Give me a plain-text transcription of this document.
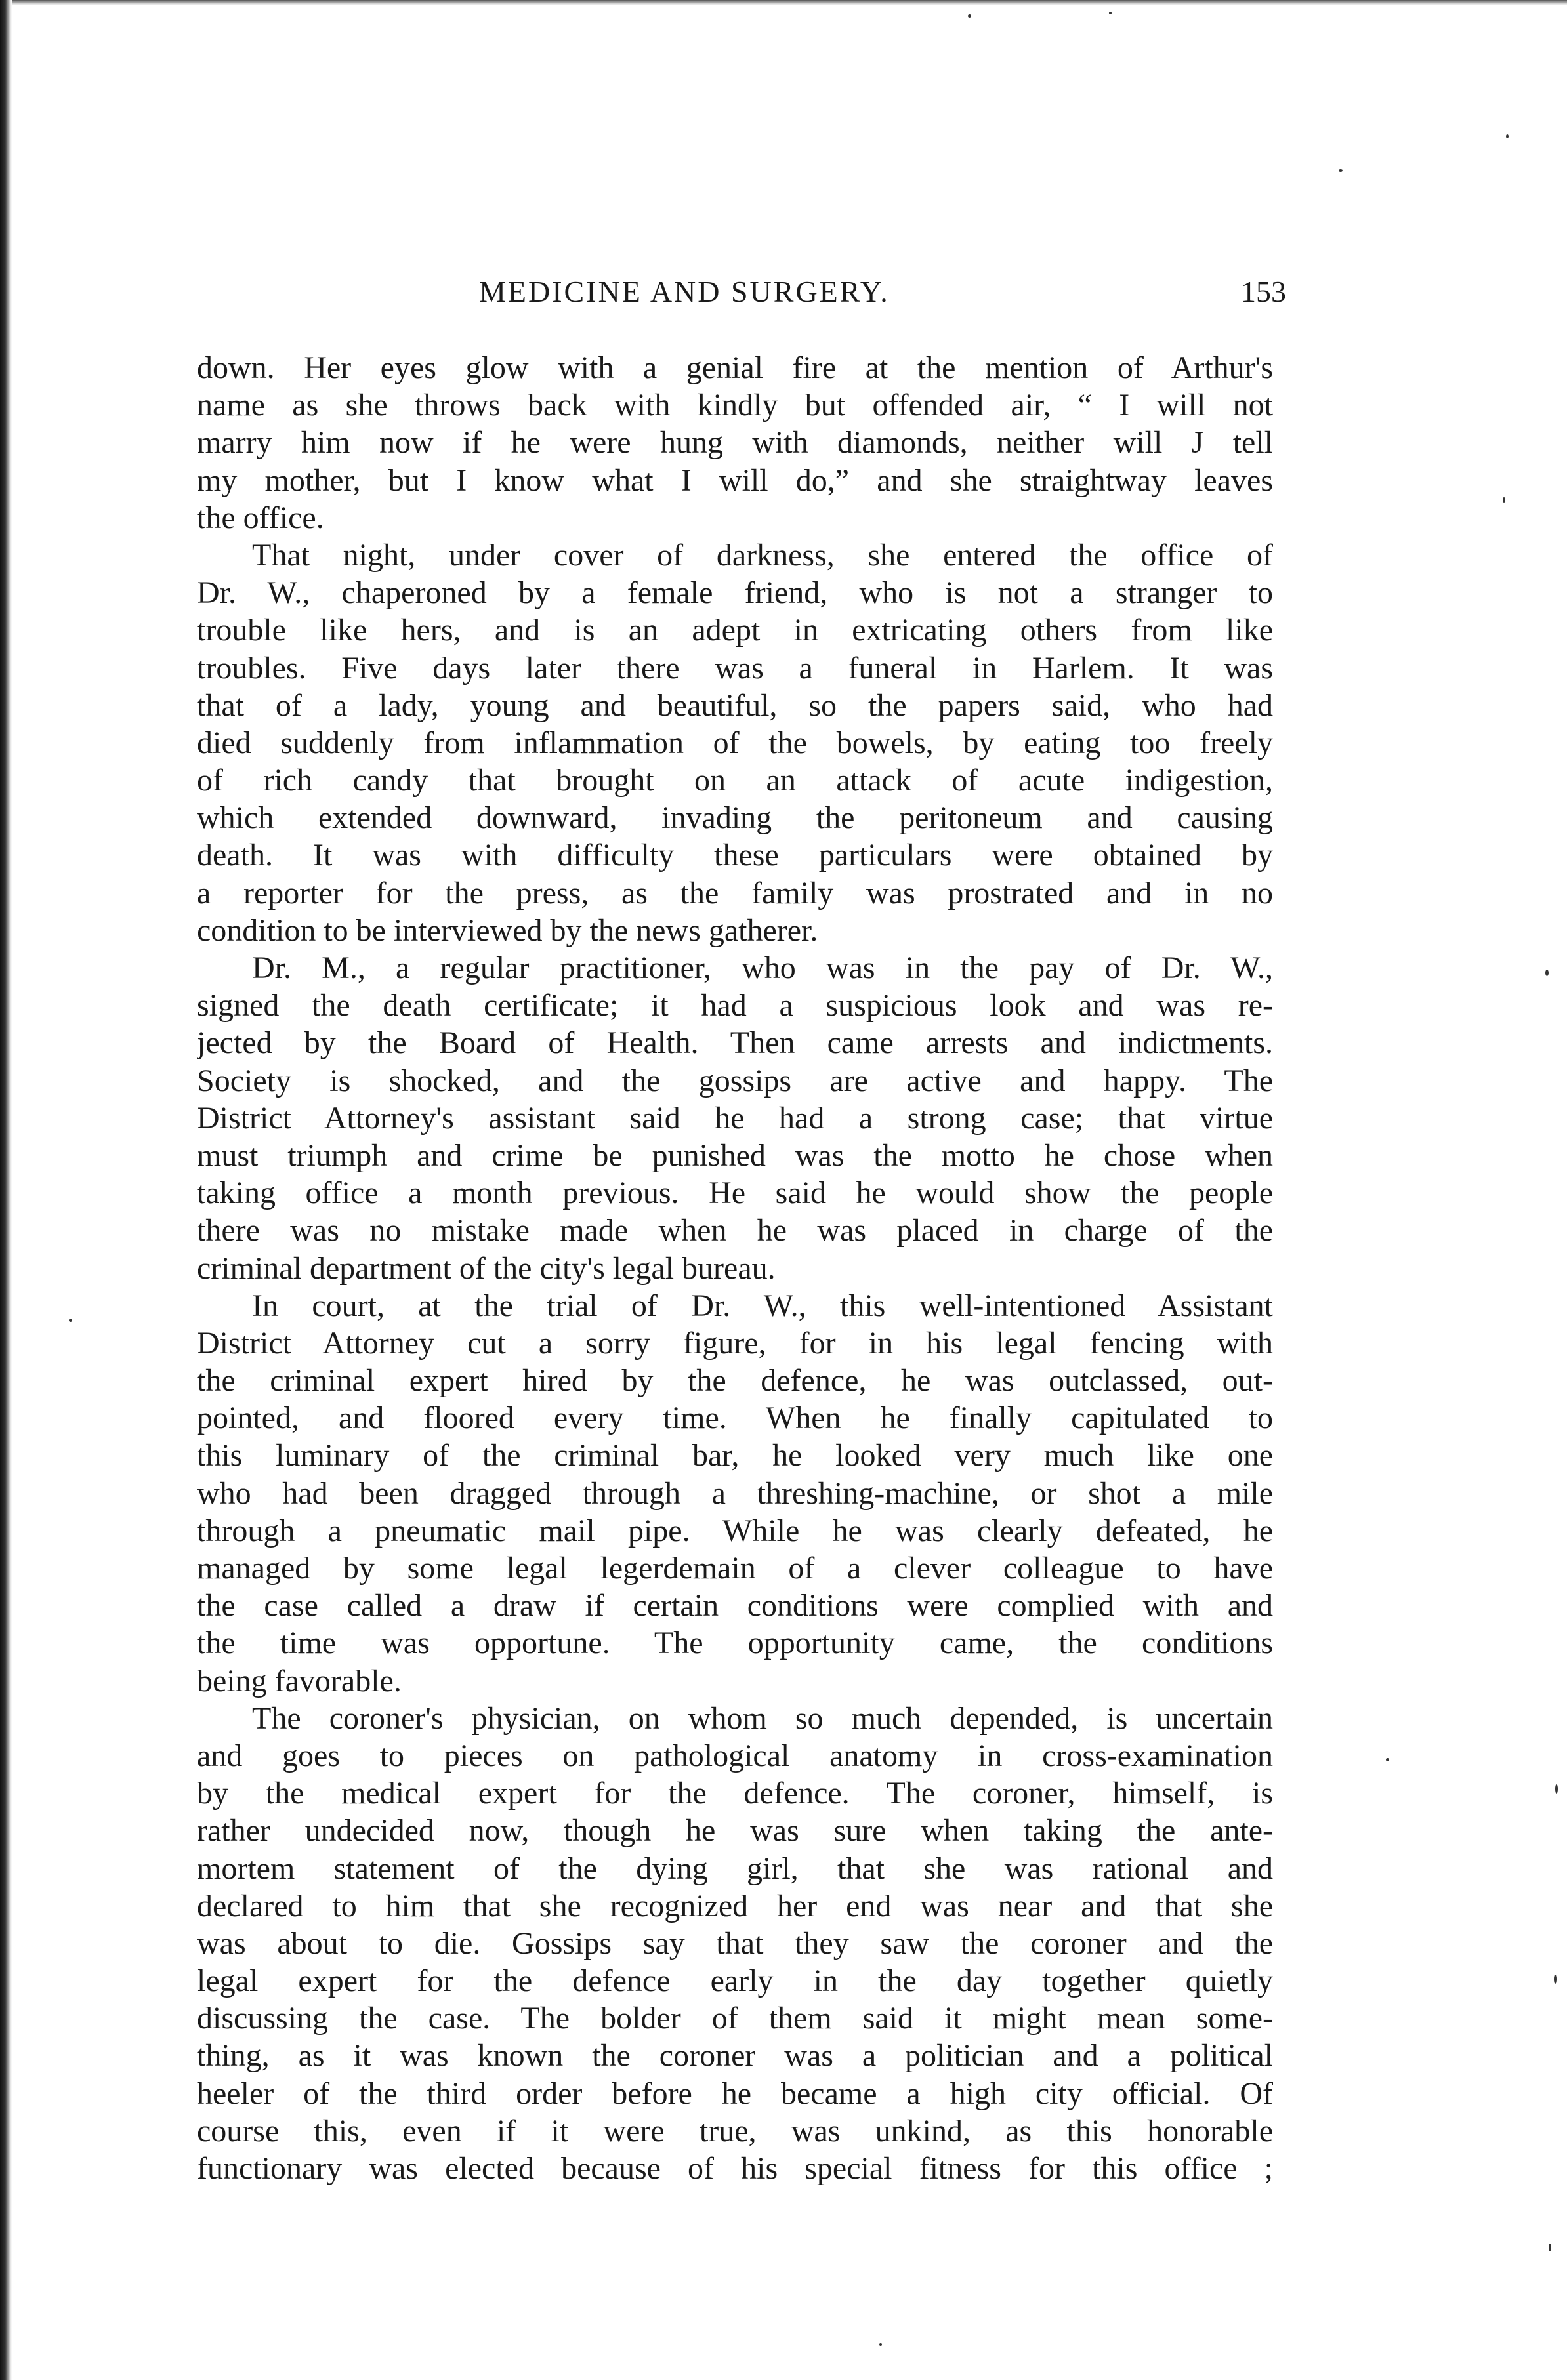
MEDICINE AND SURGERY.	153
down. Her eyes glow with a genial fire at the mention of Arthur's
name as she throws back with kindly but offended air, “ I will not
marry him now if he were hung with diamonds, neither will J tell
my mother, but I know what I will do,” and she straightway leaves
the office.
That night, under cover of darkness, she entered the office of
Dr. W., chaperoned by a female friend, who is not a stranger to
trouble like hers, and is an adept in extricating others from like
troubles. Five days later there was a funeral in Harlem. It was
that of a lady, young and beautiful, so the papers said, who had
died suddenly from inflammation of the bowels, by eating too freely
of rich candy that brought on an attack of acute indigestion,
which extended downward, invading the peritoneum and causing
death. It was with difficulty these particulars were obtained by
a reporter for the press, as the family was prostrated and in no
condition to be interviewed by the news gatherer.
Dr. M., a regular practitioner, who was in the pay of Dr. W.,
signed the death certificate; it had a suspicious look and was re-
jected by the Board of Health. Then came arrests and indictments.
Society is shocked, and the gossips are active and happy. The
District Attorney's assistant said he had a strong case; that virtue
must triumph and crime be punished was the motto he chose when
taking office a month previous. He said he would show the people
there was no mistake made when he was placed in charge of the
criminal department of the city's legal bureau.
In court, at the trial of Dr. W., this well-intentioned Assistant
District Attorney cut a sorry figure, for in his legal fencing with
the criminal expert hired by the defence, he was outclassed, out-
pointed, and floored every time. When he finally capitulated to
this luminary of the criminal bar, he looked very much like one
who had been dragged through a threshing-machine, or shot a mile
through a pneumatic mail pipe. While he was clearly defeated, he
managed by some legal legerdemain of a clever colleague to have
the case called a draw if certain conditions were complied with and
the time was opportune. The opportunity came, the conditions
being favorable.
The coroner's physician, on whom so much depended, is uncertain
and goes to pieces on pathological anatomy in cross-examination
by the medical expert for the defence. The coroner, himself, is
rather undecided now, though he was sure when taking the ante-
mortem statement of the dying girl, that she was rational and
declared to him that she recognized her end was near and that she
was about to die. Gossips say that they saw the coroner and the
legal expert for the defence early in the day together quietly
discussing the case. The bolder of them said it might mean some-
thing, as it was known the coroner was a politician and a political
heeler of the third order before he became a high city official. Of
course this, even if it were true, was unkind, as this honorable
functionary was elected because of his special fitness for this office ;
